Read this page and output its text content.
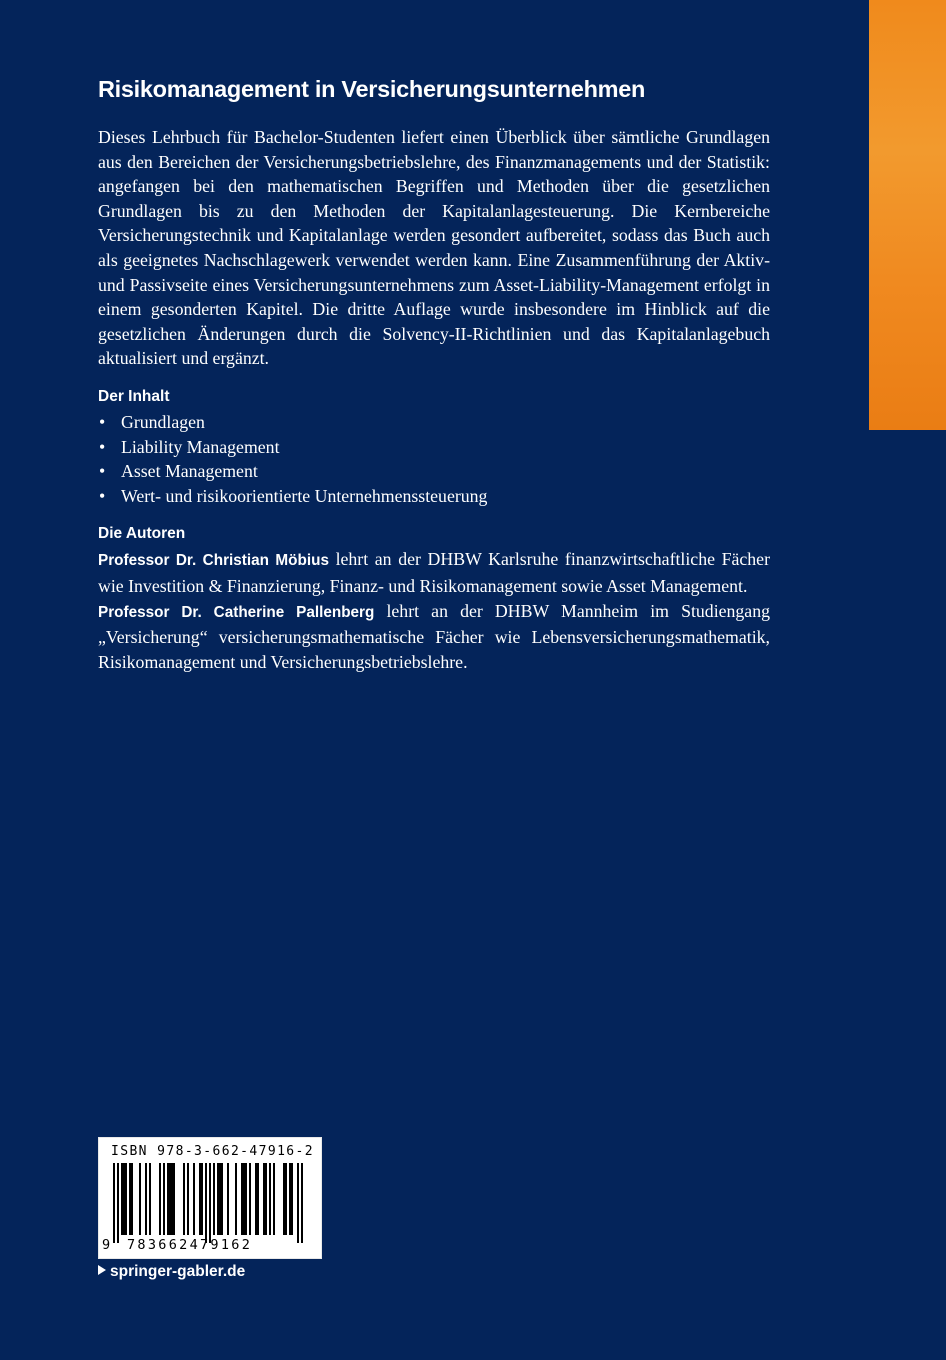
Risikomanagement in Versicherungsunternehmen

Dieses Lehrbuch für Bachelor-Studenten liefert einen Überblick über sämtliche Grundlagen aus den Bereichen der Versicherungsbetriebslehre, des Finanzmanagements und der Statistik: angefangen bei den mathematischen Begriffen und Methoden über die gesetzlichen Grundlagen bis zu den Methoden der Kapitalanlagesteuerung. Die Kernbereiche Versicherungstechnik und Kapitalanlage werden gesondert aufbereitet, sodass das Buch auch als geeignetes Nachschlagewerk verwendet werden kann. Eine Zusammenführung der Aktiv- und Passivseite eines Versicherungsunternehmens zum Asset-Liability-Management erfolgt in einem gesonderten Kapitel. Die dritte Auflage wurde insbesondere im Hinblick auf die gesetzlichen Änderungen durch die Solvency-II-Richtlinien und das Kapitalanlagebuch aktualisiert und ergänzt.

Der Inhalt
• Grundlagen
• Liability Management
• Asset Management
• Wert- und risikoorientierte Unternehmenssteuerung
Die Autoren

Professor Dr. Christian Möbius lehrt an der DHBW Karlsruhe finanzwirtschaftliche Fächer wie Investition & Finanzierung, Finanz- und Risikomanagement sowie Asset Management.

Professor Dr. Catherine Pallenberg lehrt an der DHBW Mannheim im Studiengang „Versicherung“ versicherungsmathematische Fächer wie Lebensversicherungsmathematik, Risikomanagement und Versicherungsbetriebslehre.

ISBN 978-3-662-47916-2
9 783662479162
springer-gabler.de
